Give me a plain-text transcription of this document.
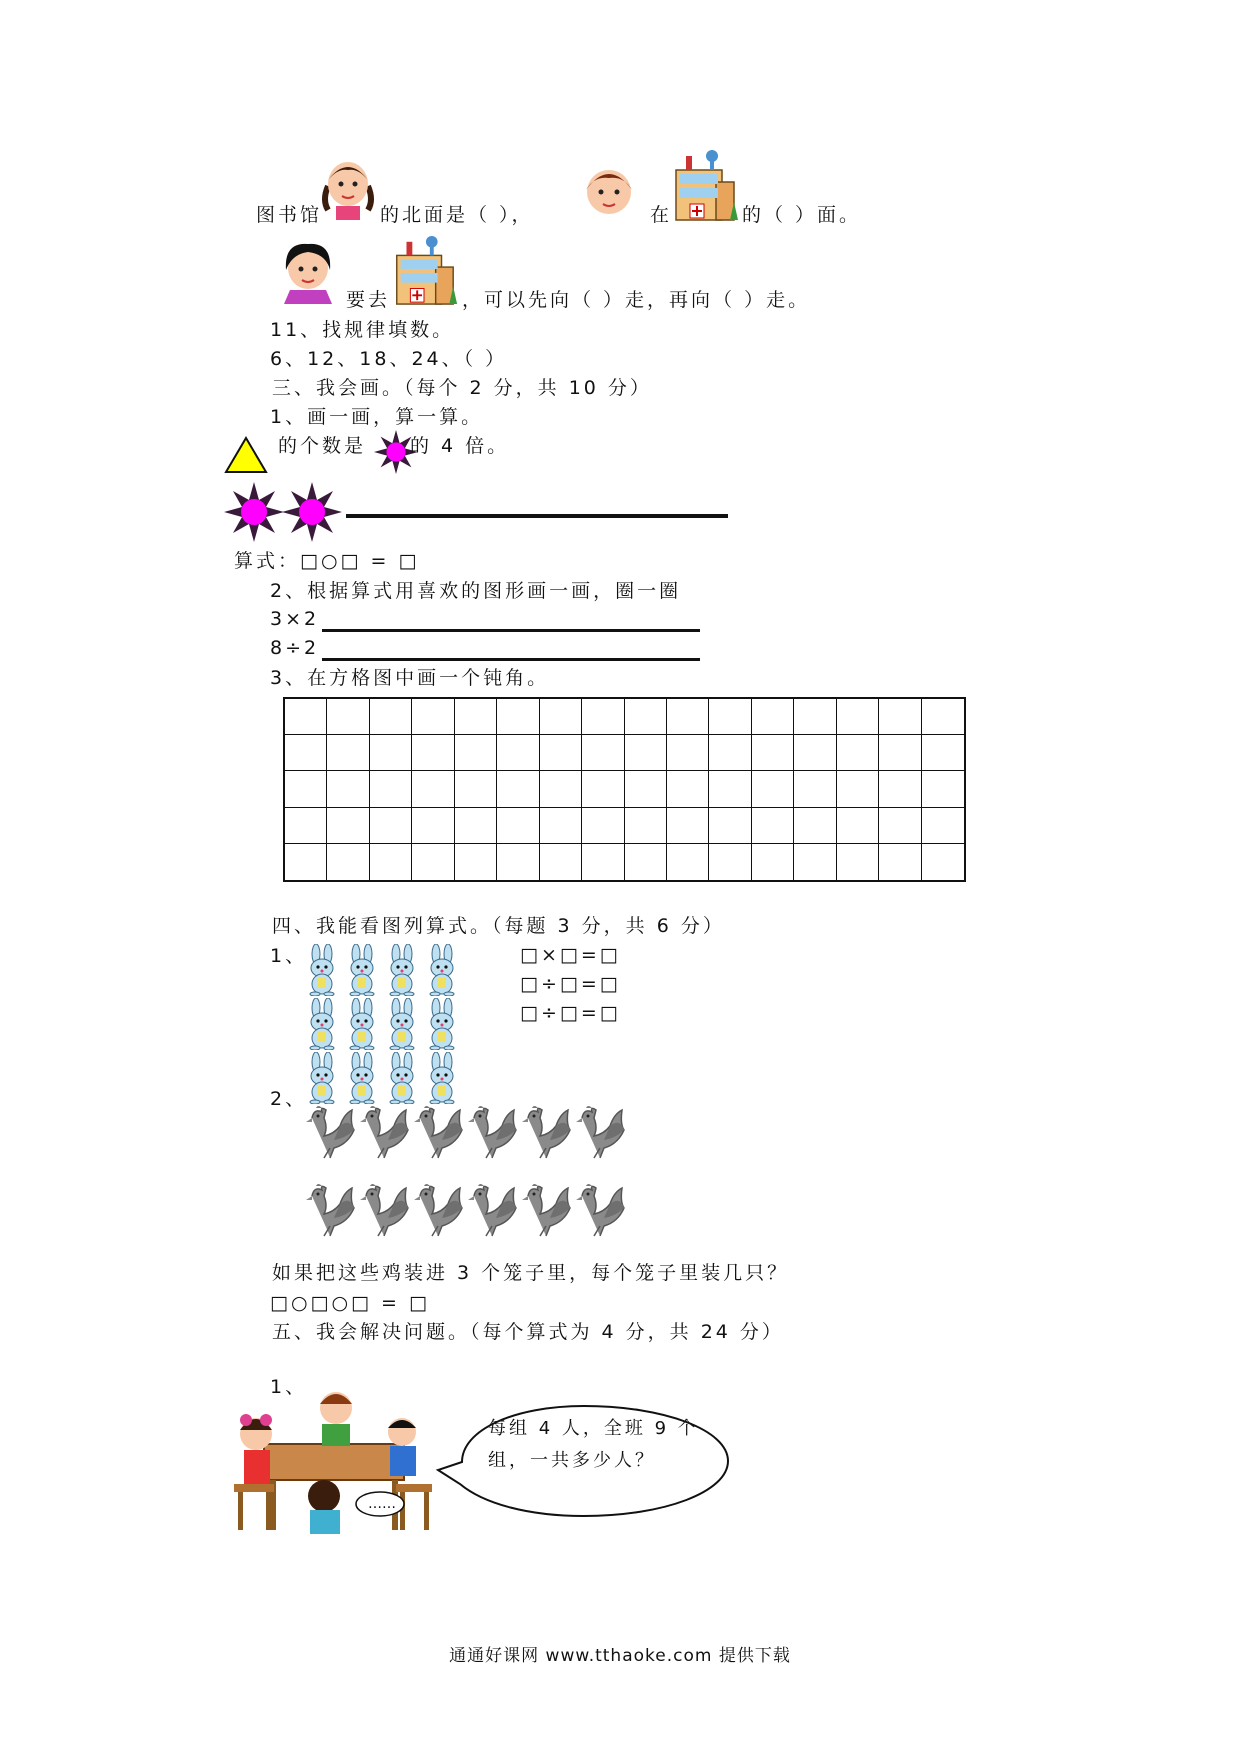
图书馆	的北面是（ ），	在	的（ ）面。
要去	，可以先向（ ）走，再向（ ）走。
11、找规律填数。
6、12、18、24、（ ）
三、我会画。（每个 2 分，共 10 分）
1、画一画，算一算。
的个数是 的 4 倍。
算式：□○□ = □
2、根据算式用喜欢的图形画一画，圈一圈
3×2
8÷2
3、在方格图中画一个钝角。
四、我能看图列算式。（每题 3 分，共 6 分）
1、	□×□=□
□÷□=□
□÷□=□
2、
如果把这些鸡装进 3 个笼子里，每个笼子里装几只？
□○□○□ = □
五、我会解决问题。（每个算式为 4 分，共 24 分）
1、
……
每组 4 人，全班 9 个
组，一共多少人？
通通好课网 www.tthaoke.com 提供下载
